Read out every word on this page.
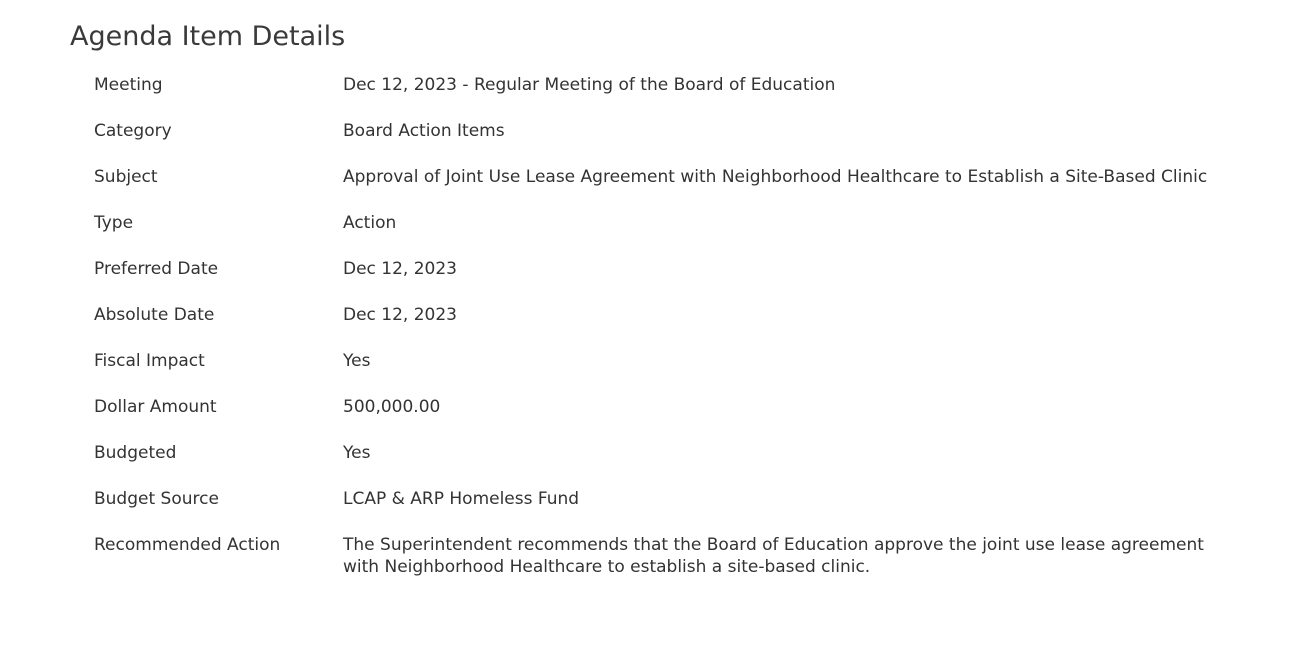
Agenda Item Details
Meeting	Dec 12, 2023 - Regular Meeting of the Board of Education
Category	Board Action Items
Subject	Approval of Joint Use Lease Agreement with Neighborhood Healthcare to Establish a Site-Based Clinic
Type	Action
Preferred Date	Dec 12, 2023
Absolute Date	Dec 12, 2023
Fiscal Impact	Yes
Dollar Amount	500,000.00
Budgeted	Yes
Budget Source	LCAP & ARP Homeless Fund
Recommended Action	The Superintendent recommends that the Board of Education approve the joint use lease agreement with Neighborhood Healthcare to establish a site-based clinic.
